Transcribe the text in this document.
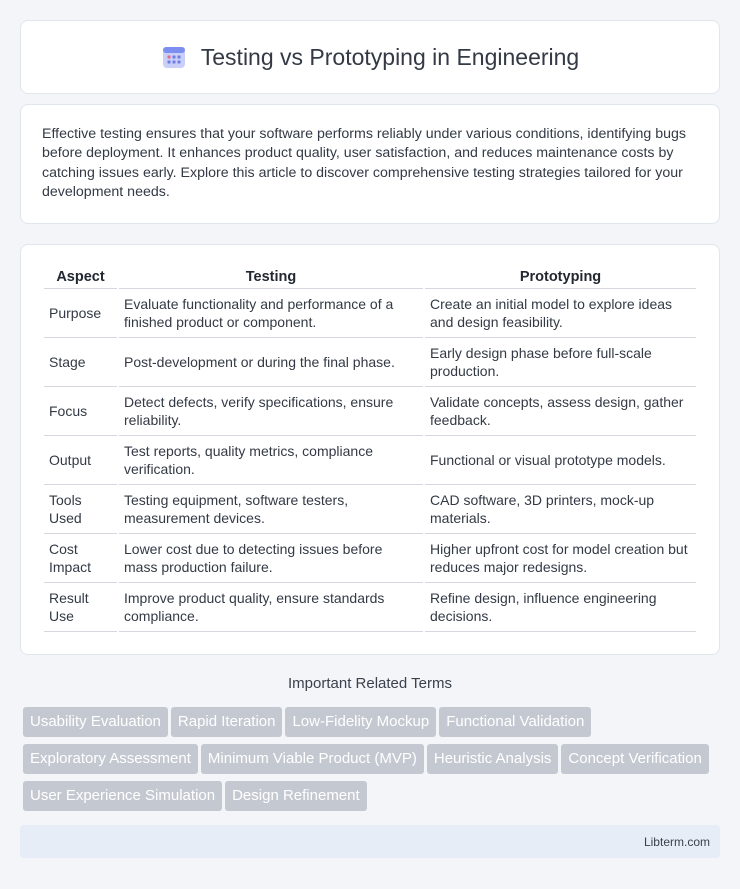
Testing vs Prototyping in Engineering

Effective testing ensures that your software performs reliably under various conditions, identifying bugs before deployment. It enhances product quality, user satisfaction, and reduces maintenance costs by catching issues early. Explore this article to discover comprehensive testing strategies tailored for your development needs.

Aspect	Testing	Prototyping
Purpose	Evaluate functionality and performance of a finished product or component.	Create an initial model to explore ideas and design feasibility.
Stage	Post-development or during the final phase.	Early design phase before full-scale production.
Focus	Detect defects, verify specifications, ensure reliability.	Validate concepts, assess design, gather feedback.
Output	Test reports, quality metrics, compliance verification.	Functional or visual prototype models.
Tools Used	Testing equipment, software testers, measurement devices.	CAD software, 3D printers, mock-up materials.
Cost Impact	Lower cost due to detecting issues before mass production failure.	Higher upfront cost for model creation but reduces major redesigns.
Result Use	Improve product quality, ensure standards compliance.	Refine design, influence engineering decisions.
Important Related Terms
Usability Evaluation Rapid Iteration Low-Fidelity Mockup Functional ValidationExploratory Assessment Minimum Viable Product (MVP) Heuristic Analysis Concept VerificationUser Experience Simulation Design Refinement
Libterm.com
